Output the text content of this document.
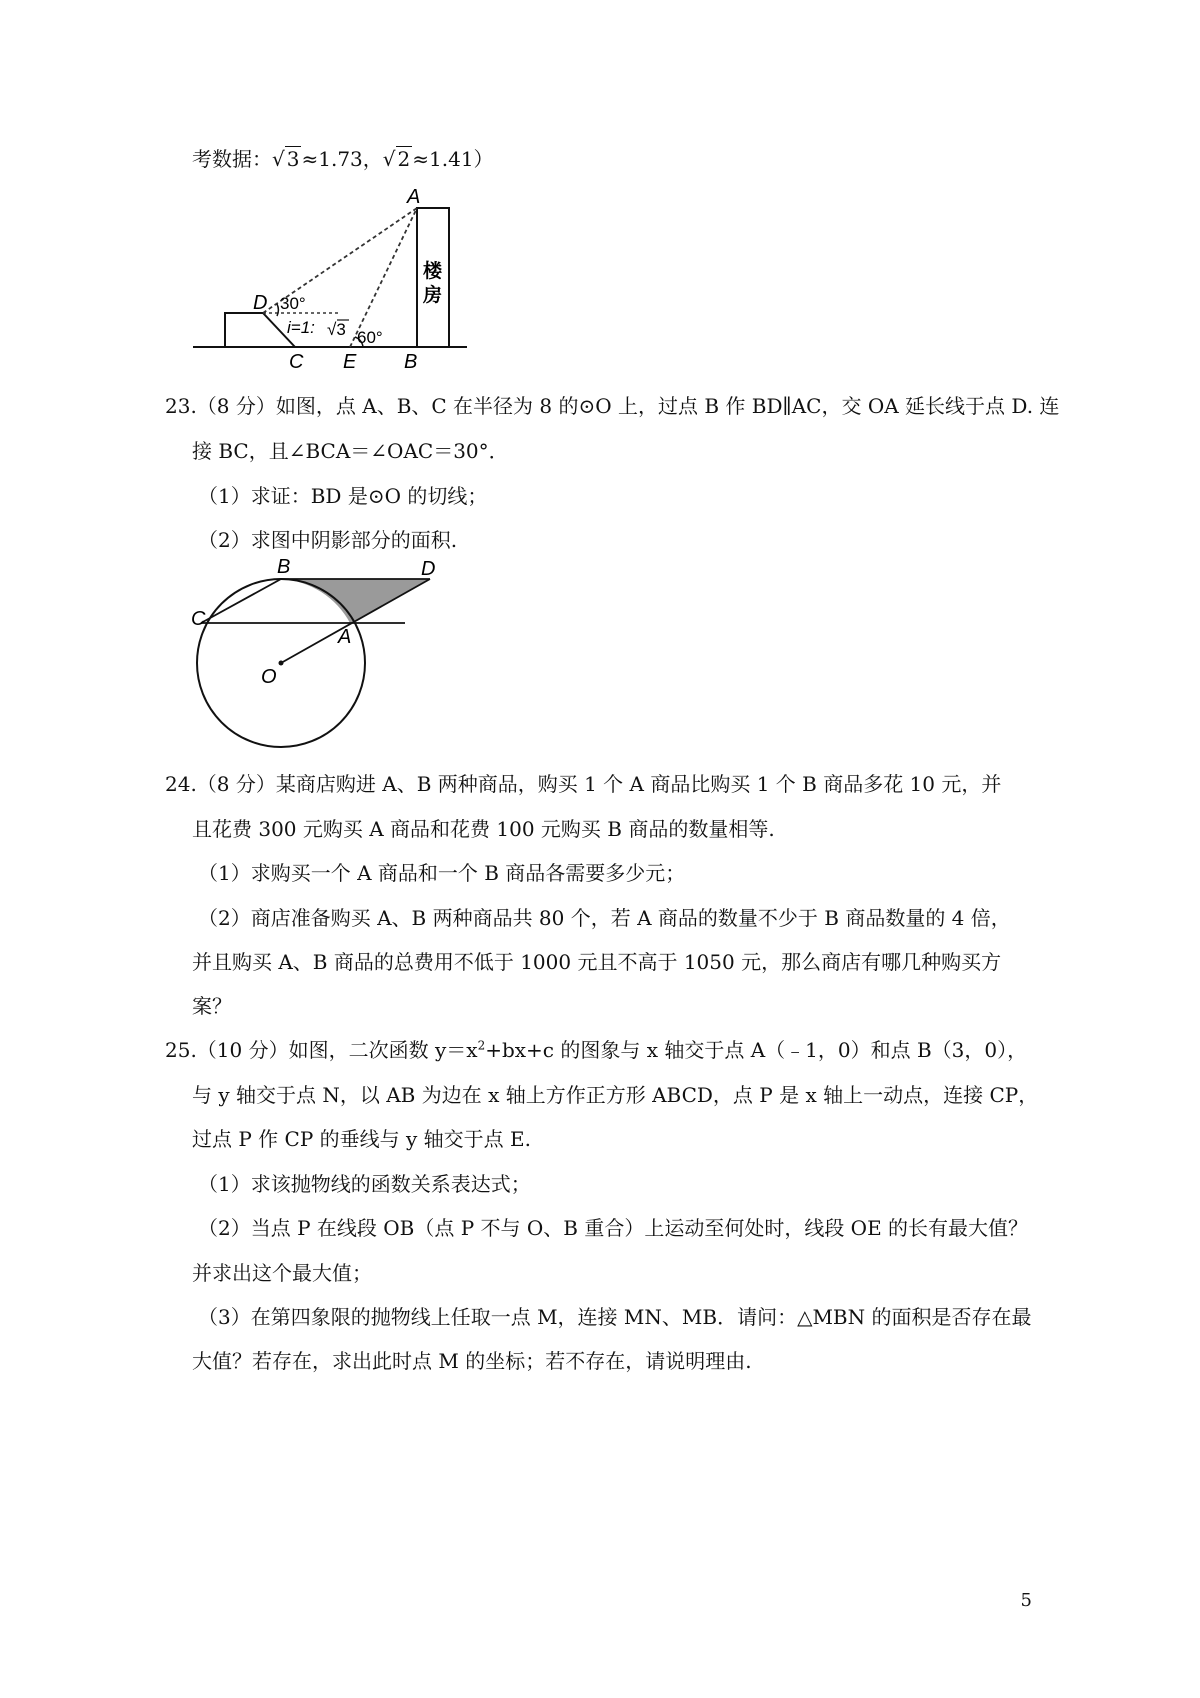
考数据：√ 3 ≈1.73，√ 2 ≈1.41）
A
D
C E B
楼
房
30°
i=1: √3 60°
23.（8 分）如图，点 A、B、C 在半径为 8 的⊙O 上，过点 B 作 BD∥AC，交 OA 延长线于点 D. 连
接 BC，且∠BCA＝∠OAC＝30°．
（1）求证：BD 是⊙O 的切线；
（2）求图中阴影部分的面积.
B	D
C
A
O
24.（8 分）某商店购进 A、B 两种商品，购买 1 个 A 商品比购买 1 个 B 商品多花 10 元，并
且花费 300 元购买 A 商品和花费 100 元购买 B 商品的数量相等.
（1）求购买一个 A 商品和一个 B 商品各需要多少元；
（2）商店准备购买 A、B 两种商品共 80 个，若 A 商品的数量不少于 B 商品数量的 4 倍，
并且购买 A、B 商品的总费用不低于 1000 元且不高于 1050 元，那么商店有哪几种购买方
案？
25.（10 分）如图，二次函数 $y=x^2+bx+c$ 的图象与 x 轴交于点 A（﹣1，0）和点 B（3，0），
与 y 轴交于点 N，以 AB 为边在 x 轴上方作正方形 ABCD，点 P 是 x 轴上一动点，连接 CP，
过点 P 作 CP 的垂线与 y 轴交于点 E.
（1）求该抛物线的函数关系表达式；
（2）当点 P 在线段 OB（点 P 不与 O、B 重合）上运动至何处时，线段 OE 的长有最大值？
并求出这个最大值；
（3）在第四象限的抛物线上任取一点 M，连接 MN、MB．请问：△MBN 的面积是否存在最
大值？若存在，求出此时点 M 的坐标；若不存在，请说明理由.
5
